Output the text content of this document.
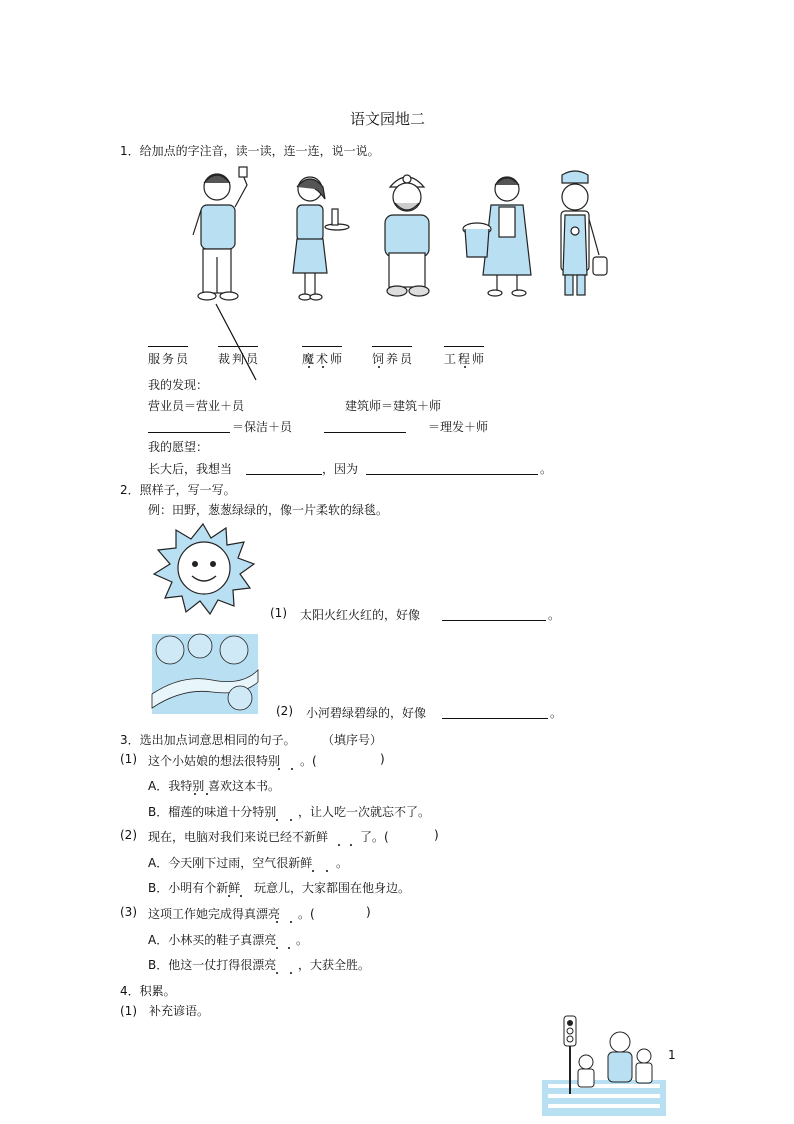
语文园地二
1．给加点的字注音，读一读，连一连，说一说。
服务员 裁判员	魔术师 饲养员 工程师
我的发现：
营业员＝营业＋员	建筑师＝建筑＋师
＝保洁＋员	＝理发＋师
我的愿望：
长大后，我想当	，因为	。
2．照样子，写一写。
例：田野，葱葱绿绿的，像一片柔软的绿毯。
(1) 太阳火红火红的，好像	。
(2) 小河碧绿碧绿的，好像	。
3．选出加点词意思相同的句子。 （填序号）
(1) 这个小姑娘的想法很特别 。(	)
A．我特别 喜欢这本书。
B．榴莲的味道十分特别 ，让人吃一次就忘不了。
(2) 现在，电脑对我们来说已经不新鲜	了。(	)
A．今天刚下过雨，空气很新鲜 。
B．小明有个新鲜 玩意儿，大家都围在他身边。
(3) 这项工作她完成得真漂亮 。(	)
A．小林买的鞋子真漂亮 。
B．他这一仗打得很漂亮 ，大获全胜。
4．积累。
(1)　补充谚语。
1
